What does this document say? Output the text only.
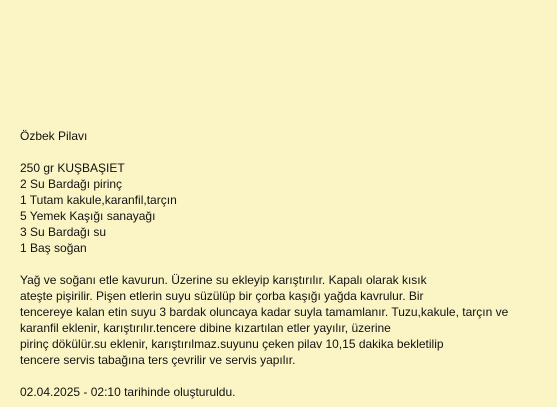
Özbek Pilavı
250 gr KUŞBAŞIET
2 Su Bardağı pirinç
1 Tutam kakule,karanfil,tarçın
5 Yemek Kaşığı sanayağı
3 Su Bardağı su
1 Baş soğan
Yağ ve soğanı etle kavurun. Üzerine su ekleyip karıştırılır. Kapalı olarak kısık
ateşte pişirilir. Pişen etlerin suyu süzülüp bir çorba kaşığı yağda kavrulur. Bir
tencereye kalan etin suyu 3 bardak oluncaya kadar suyla tamamlanır. Tuzu,kakule, tarçın ve
karanfil eklenir, karıştırılır.tencere dibine kızartılan etler yayılır, üzerine
pirinç dökülür.su eklenir, karıştırılmaz.suyunu çeken pilav 10,15 dakika bekletilip
tencere servis tabağına ters çevrilir ve servis yapılır.
02.04.2025 - 02:10 tarihinde oluşturuldu.
